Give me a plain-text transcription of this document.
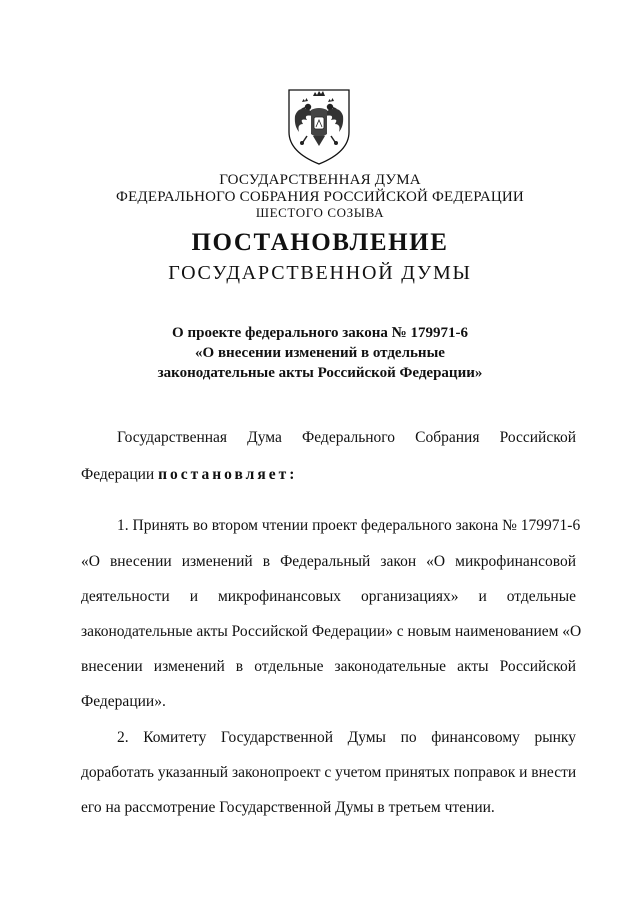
ГОСУДАРСТВЕННАЯ ДУМА
ФЕДЕРАЛЬНОГО СОБРАНИЯ РОССИЙСКОЙ ФЕДЕРАЦИИ
ШЕСТОГО СОЗЫВА
ПОСТАНОВЛЕНИЕ
ГОСУДАРСТВЕННОЙ ДУМЫ
О проекте федерального закона № 179971-6
«О внесении изменений в отдельные
законодательные акты Российской Федерации»
Государственная Дума Федерального Собрания Российской
Федерации постановляет:
1. Принять во втором чтении проект федерального закона № 179971-6
«О внесении изменений в Федеральный закон «О микрофинансовой
деятельности и микрофинансовых организациях» и отдельные
законодательные акты Российской Федерации» с новым наименованием «О
внесении изменений в отдельные законодательные акты Российской
Федерации».
2. Комитету Государственной Думы по финансовому рынку
доработать указанный законопроект с учетом принятых поправок и внести
его на рассмотрение Государственной Думы в третьем чтении.
